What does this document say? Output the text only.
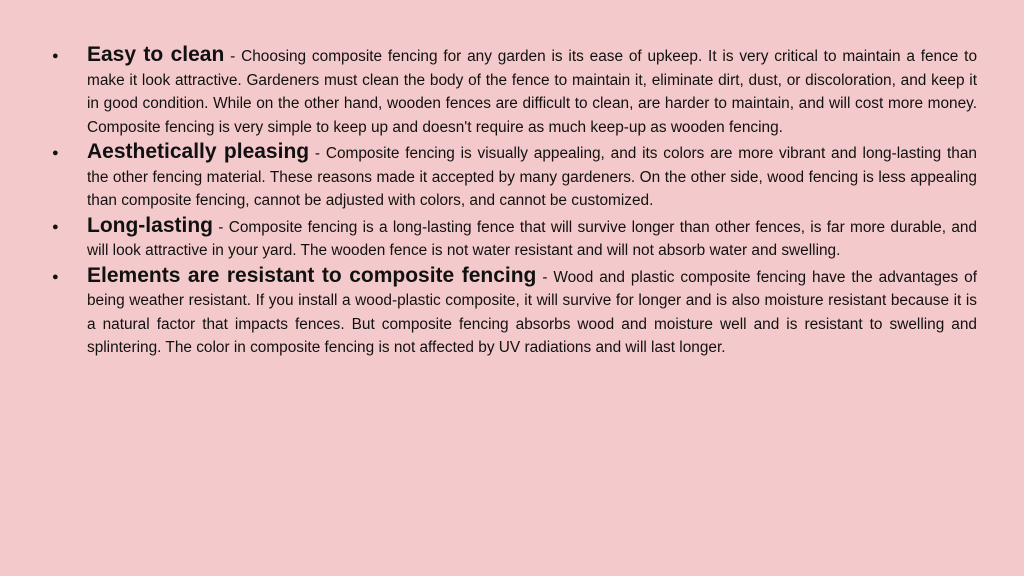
●	Easy to clean - Choosing composite fencing for any garden is its ease of upkeep. It is very critical to maintain a fence to make it look attractive. Gardeners must clean the body of the fence to maintain it, eliminate dirt, dust, or discoloration, and keep it in good condition. While on the other hand, wooden fences are difficult to clean, are harder to maintain, and will cost more money. Composite fencing is very simple to keep up and doesn't require as much keep-up as wooden fencing.
●	Aesthetically pleasing - Composite fencing is visually appealing, and its colors are more vibrant and long-lasting than the other fencing material. These reasons made it accepted by many gardeners. On the other side, wood fencing is less appealing than composite fencing, cannot be adjusted with colors, and cannot be customized.
●	Long-lasting - Composite fencing is a long-lasting fence that will survive longer than other fences, is far more durable, and will look attractive in your yard. The wooden fence is not water resistant and will not absorb water and swelling.
●	Elements are resistant to composite fencing - Wood and plastic composite fencing have the advantages of being weather resistant. If you install a wood-plastic composite, it will survive for longer and is also moisture resistant because it is a natural factor that impacts fences. But composite fencing absorbs wood and moisture well and is resistant to swelling and splintering. The color in composite fencing is not affected by UV radiations and will last longer.
